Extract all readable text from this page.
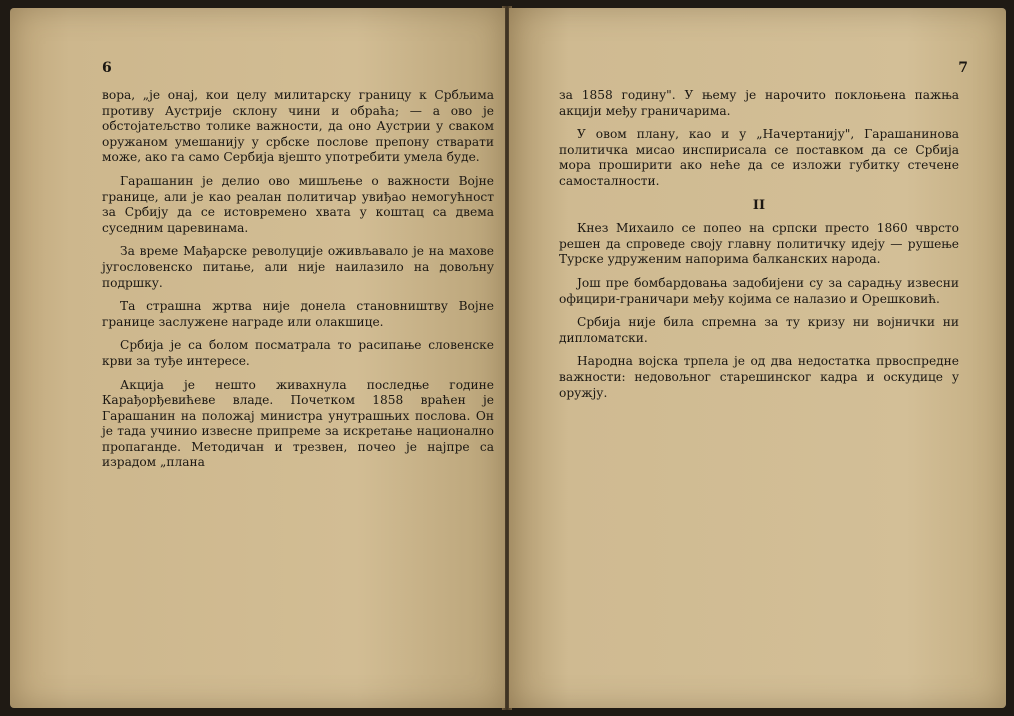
6

вора, „је онај, кои целу милитарску границу к Србљима противу Аустрије склону чини и обраћа; — а ово је обстојатељство толике важности, да оно Аустрии у сваком оружаном умешанију у србске послове препону стварати може, ако га само Сербија вјешто употребити умела буде.

Гарашанин је делио ово мишљење о важности Војне границе, али је као реалан политичар увиђао немогућност за Србију да се истовремено хвата у коштац са двема суседним царевинама.

За време Мађарске револуције оживљавало је на махове југословенско питање, али није наилазило на довољну подршку.

Та страшна жртва није донела становништву Војне границе заслужене награде или олакшице.

Србија је са болом посматрала то расипање словенске крви за туђе интересе.

Акција је нешто живахнула последње године Карађорђевићеве владе. Почетком 1858 враћен је Гарашанин на положај министра унутрашњих послова. Он је тада учинио извесне припреме за искретање национално пропаганде. Методичан и трезвен, почео је најпре са израдом „плана

7

за 1858 годину". У њему је нарочито поклоњена пажња акцији међу граничарима.

У овом плану, као и у „Начертанију", Гарашанинова политичка мисао инспирисала се поставком да се Србија мора проширити ако неће да се изложи губитку стечене самосталности.

II

Кнез Михаило се попео на српски престо 1860 чврсто решен да спроведе своју главну политичку идеју — рушење Турске удруженим напорима балканских народа.

Још пре бомбардовања задобијени су за сарадњу извесни официри-граничари међу којима се налазио и Орешковић.

Србија није била спремна за ту кризу ни војнички ни дипломатски.

Народна војска трпела је од два недостатка првоспредне важности: недовољног старешинског кадра и оскудице у оружју.
